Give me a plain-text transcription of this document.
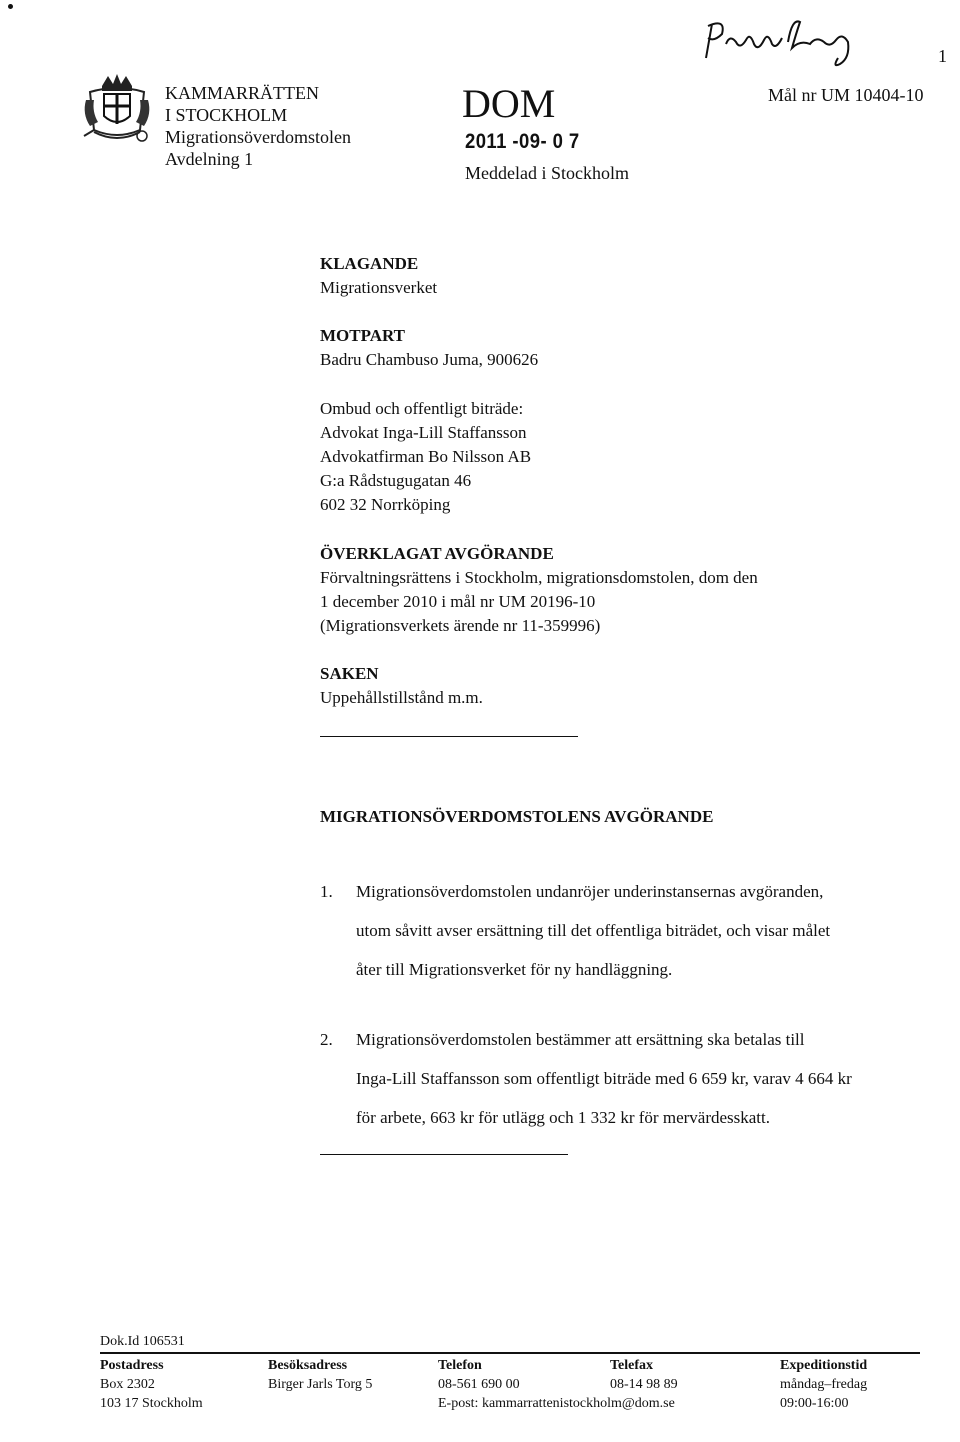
KAMMARRÄTTEN
I STOCKHOLM
Migrationsöverdomstolen
Avdelning 1
DOM
2011 -09- 0 7
Meddelad i Stockholm
1
Mål nr UM 10404-10
KLAGANDE
Migrationsverket
MOTPART
Badru Chambuso Juma, 900626
Ombud och offentligt biträde:
Advokat Inga-Lill Staffansson
Advokatfirman Bo Nilsson AB
G:a Rådstugugatan 46
602 32 Norrköping
ÖVERKLAGAT AVGÖRANDE
Förvaltningsrättens i Stockholm, migrationsdomstolen, dom den
1 december 2010 i mål nr UM 20196-10
(Migrationsverkets ärende nr 11-359996)
SAKEN
Uppehållstillstånd m.m.
MIGRATIONSÖVERDOMSTOLENS AVGÖRANDE
1. Migrationsöverdomstolen undanröjer underinstansernas avgöranden,
utom såvitt avser ersättning till det offentliga biträdet, och visar målet
åter till Migrationsverket för ny handläggning.
2. Migrationsöverdomstolen bestämmer att ersättning ska betalas till
Inga-Lill Staffansson som offentligt biträde med 6 659 kr, varav 4 664 kr
för arbete, 663 kr för utlägg och 1 332 kr för mervärdesskatt.
Dok.Id 106531
Postadress
Box 2302
103 17 Stockholm
Besöksadress
Birger Jarls Torg 5
Telefon
08-561 690 00
E-post: kammarrattenistockholm@dom.se
Telefax
08-14 98 89
Expeditionstid
måndag–fredag
09:00-16:00
